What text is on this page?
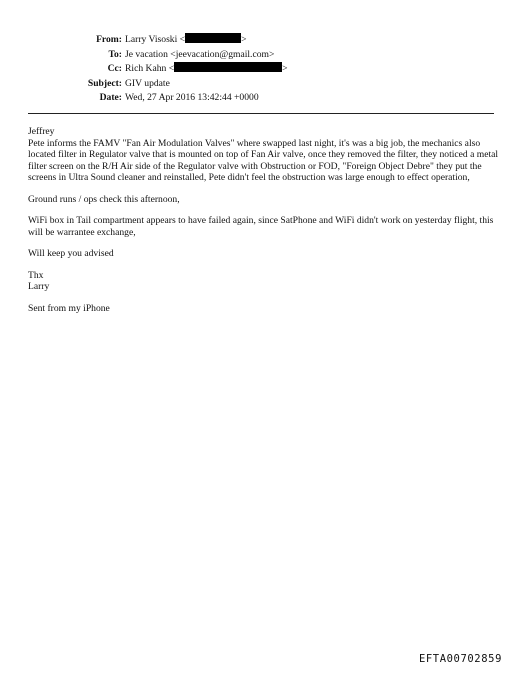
From: Larry Visoski <	>
To: Je vacation <jeevacation@gmail.com>
Cc: Rich Kahn <	>
Subject: GIV update
Date: Wed, 27 Apr 2016 13:42:44 +0000

Jeffrey

Pete informs the FAMV "Fan Air Modulation Valves" where swapped last night, it's was a big job, the mechanics also located filter in Regulator valve that is mounted on top of Fan Air valve, once they removed the filter, they noticed a metal filter screen on the R/H Air side of the Regulator valve with Obstruction or FOD, "Foreign Object Debre" they put the screens in Ultra Sound cleaner and reinstalled, Pete didn't feel the obstruction was large enough to effect operation,

Ground runs / ops check this afternoon,

WiFi box in Tail compartment appears to have failed again, since SatPhone and WiFi didn't work on yesterday flight, this will be warrantee exchange,

Will keep you advised

Thx

Larry

Sent from my iPhone

EFTA00702859
